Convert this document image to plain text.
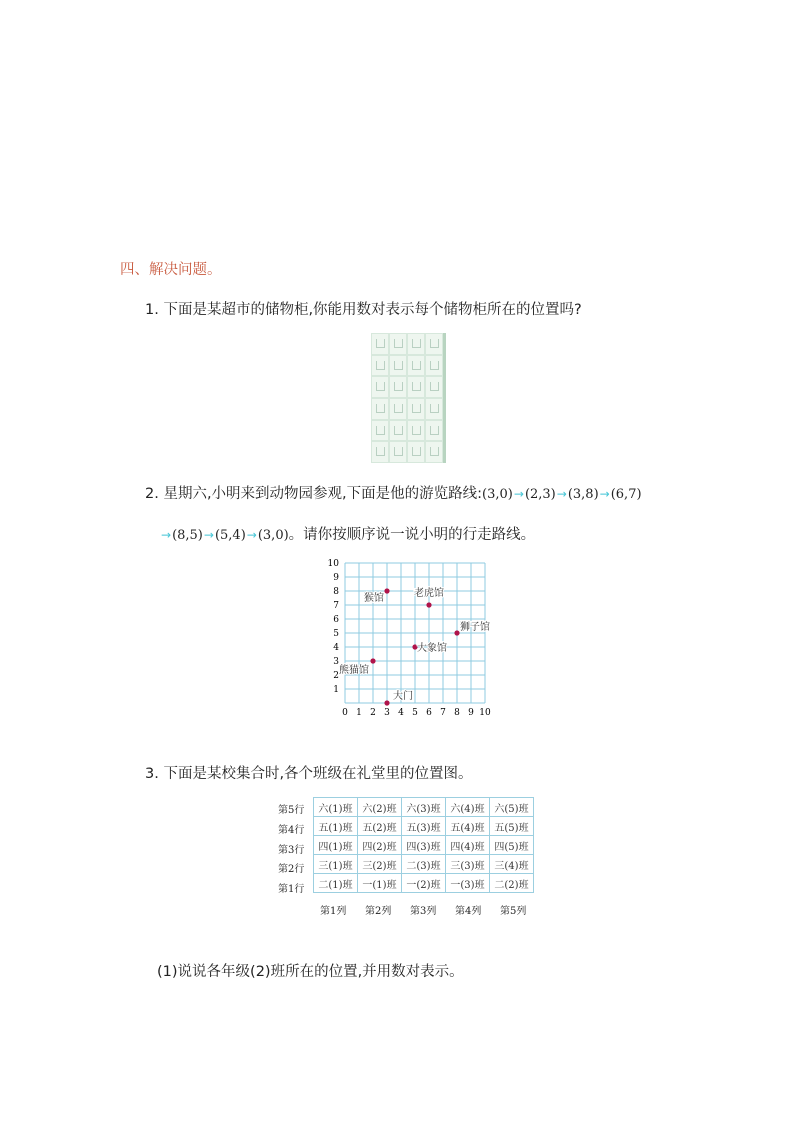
四、解决问题。
1. 下面是某超市的储物柜,你能用数对表示每个储物柜所在的位置吗?
2. 星期六,小明来到动物园参观,下面是他的游览路线:(3,0)→(2,3)→(3,8)→(6,7)
→(8,5)→(5,4)→(3,0)。请你按顺序说一说小明的行走路线。
0 1 2 3 4 5 6 7 8 9 10
1
2
3
4
5
6
7
8
9
10
大门
熊猫馆
猴馆	老虎馆
狮子馆
大象馆
3. 下面是某校集合时,各个班级在礼堂里的位置图。
第5行
第4行
第3行
第2行
第1行
六(1)班	六(2)班	六(3)班	六(4)班	六(5)班
五(1)班	五(2)班	五(3)班	五(4)班	五(5)班
四(1)班	四(2)班	四(3)班	四(4)班	四(5)班
三(1)班	三(2)班	二(3)班	三(3)班	三(4)班
二(1)班	一(1)班	一(2)班	一(3)班	二(2)班
第1列 第2列 第3列 第4列 第5列
(1)说说各年级(2)班所在的位置,并用数对表示。
